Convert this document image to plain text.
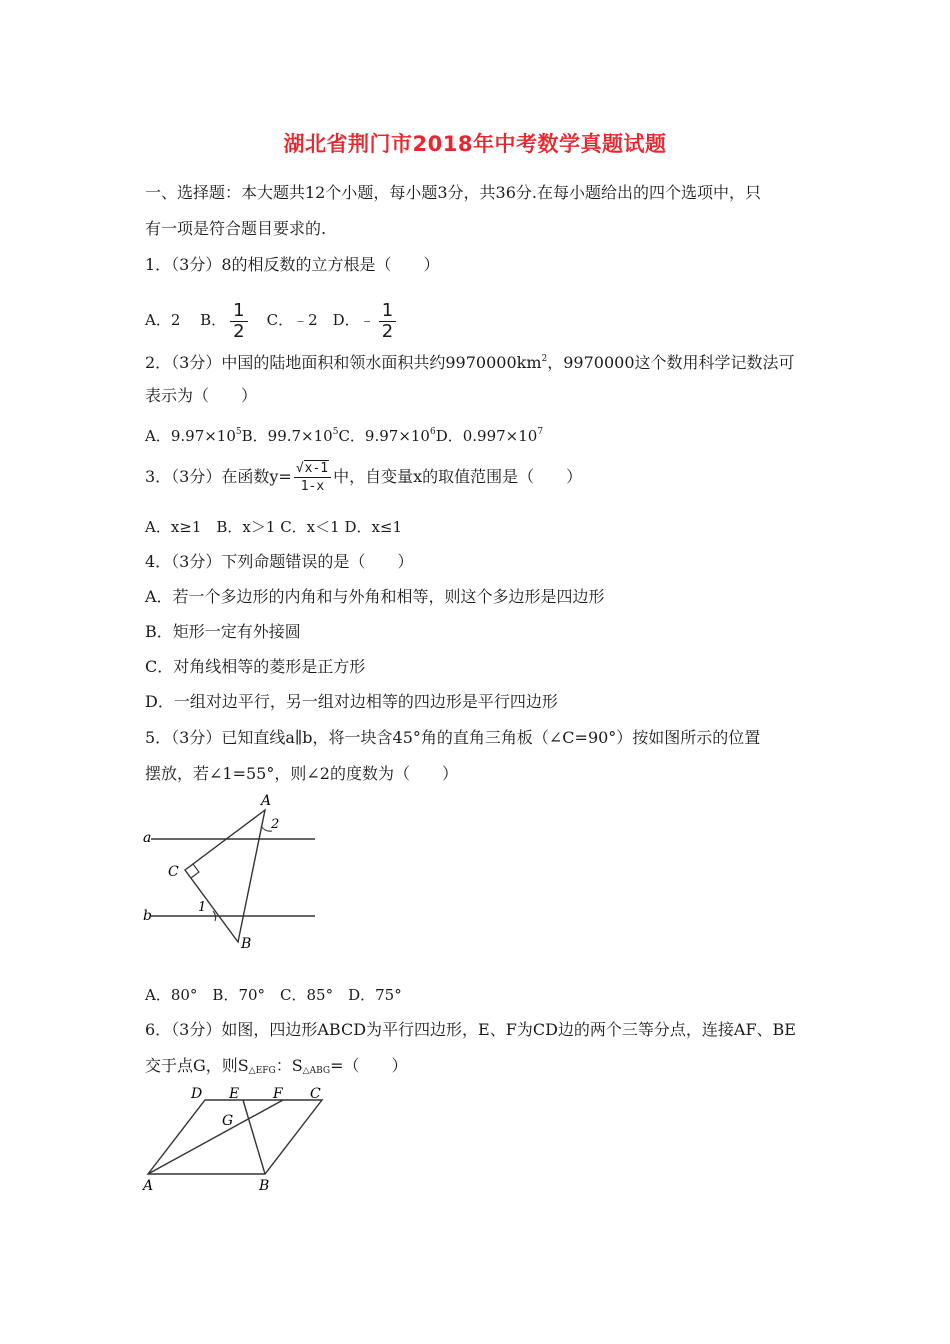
湖北省荆门市2018年中考数学真题试题
一、选择题：本大题共12个小题，每小题3分，共36分.在每小题给出的四个选项中，只
有一项是符合题目要求的.
1．（3分）8的相反数的立方根是（　　）
A．2　 B． $\frac{1}{2}$ 　C．﹣2　D．﹣ $\frac{1}{2}$
2．（3分）中国的陆地面积和领水面积共约$9970000km^2$，9970000这个数用科学记数法可
表示为（　　）
A．$9.97\times 10^5B$．$99.7\times 10^5C$．$9.97\times 10^6D$．$0.997\times 10^7$
3．（3分）在函数$y= \frac{√x-1}{1-x}$ 中，自变量x的取值范围是（　　）
A．x≥1　B．x＞1 C．x＜1 D．x≤1
4．（3分）下列命题错误的是（　　）
A．若一个多边形的内角和与外角和相等，则这个多边形是四边形
B．矩形一定有外接圆
C．对角线相等的菱形是正方形
D．一组对边平行，另一组对边相等的四边形是平行四边形
5．（3分）已知直线a∥b，将一块含45°角的直角三角板（∠C=90°）按如图所示的位置
摆放，若∠1=55°，则∠2的度数为（　　）
A
B
C
a
b
1
2
A．80°　B．70°　C．85°　D．75°
6．（3分）如图，四边形ABCD为平行四边形，E、F为CD边的两个三等分点，连接AF、BE
交于点G，则$S_{\triangle EFG}$：$S_{\triangle ABG}=$（　　）
D E F C
G
A	B
